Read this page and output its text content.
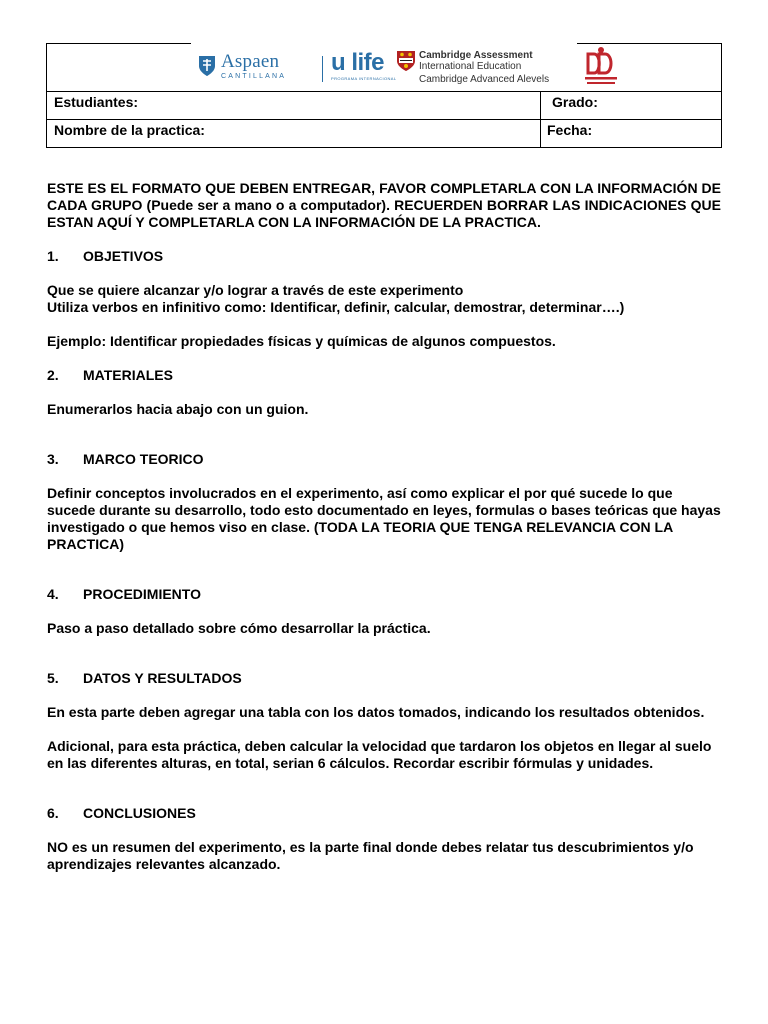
Aspaen
CANTILLANA
u life
PROGRAMA INTERNACIONAL
Cambridge Assessment
International Education
Cambridge Advanced Alevels
Estudiantes:	Grado:
Nombre de la practica:	Fecha:

ESTE ES EL FORMATO QUE DEBEN ENTREGAR, FAVOR COMPLETARLA CON LA INFORMACIÓN DE CADA GRUPO (Puede ser a mano o a computador). RECUERDEN BORRAR LAS INDICACIONES QUE ESTAN AQUÍ Y COMPLETARLA CON LA INFORMACIÓN DE LA PRACTICA.

1.	OBJETIVOS

Que se quiere alcanzar y/o lograr a través de este experimento

Utiliza verbos en infinitivo como: Identificar, definir, calcular, demostrar, determinar….)

Ejemplo: Identificar propiedades físicas y químicas de algunos compuestos.

2.	MATERIALES

Enumerarlos hacia abajo con un guion.

3.	MARCO TEORICO

Definir conceptos involucrados en el experimento, así como explicar el por qué sucede lo que sucede durante su desarrollo, todo esto documentado en leyes, formulas o bases teóricas que hayas investigado o que hemos viso en clase. (TODA LA TEORIA QUE TENGA RELEVANCIA CON LA PRACTICA)

4.	PROCEDIMIENTO

Paso a paso detallado sobre cómo desarrollar la práctica.

5.	DATOS Y RESULTADOS

En esta parte deben agregar una tabla con los datos tomados, indicando los resultados obtenidos.

Adicional, para esta práctica, deben calcular la velocidad que tardaron los objetos en llegar al suelo en las diferentes alturas, en total, serian 6 cálculos. Recordar escribir fórmulas y unidades.

6.	CONCLUSIONES

NO es un resumen del experimento, es la parte final donde debes relatar tus descubrimientos y/o aprendizajes relevantes alcanzado.
